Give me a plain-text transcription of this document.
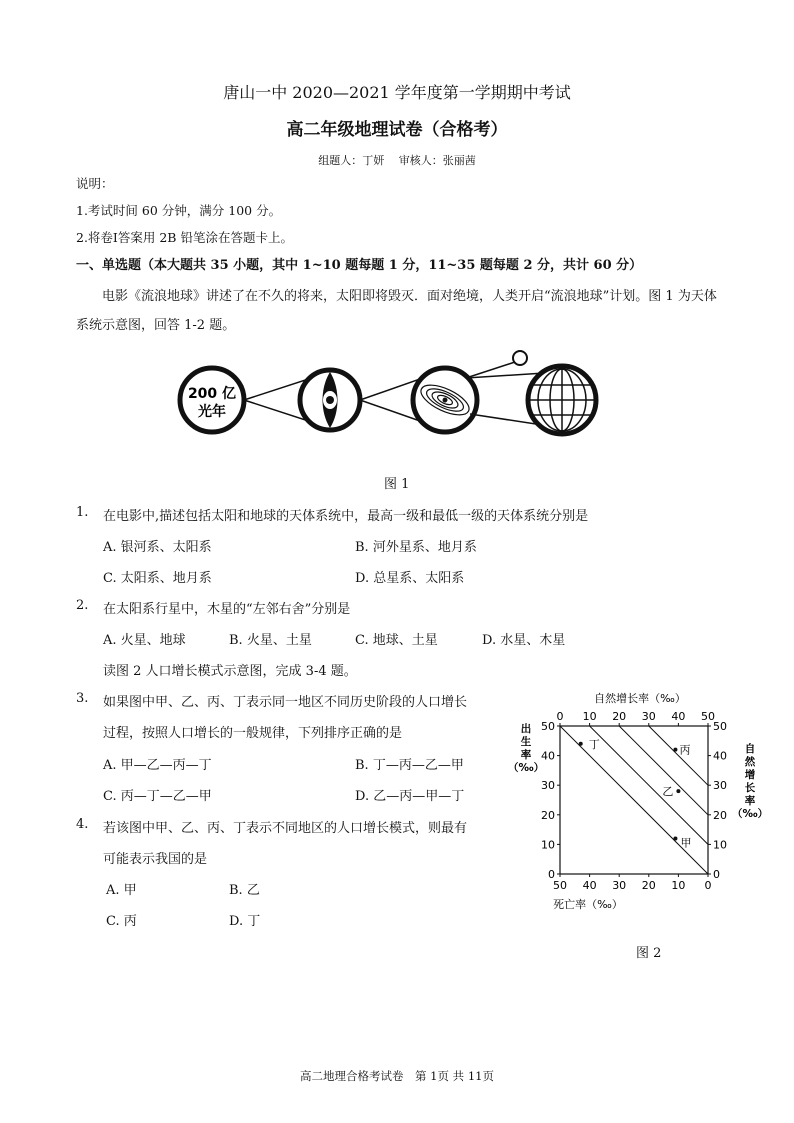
唐山一中 2020—2021 学年度第一学期期中考试
高二年级地理试卷（合格考）
组题人：丁妍　 审核人：张丽茜
说明：
1.考试时间 60 分钟，满分 100 分。
2.将卷Ⅰ答案用 2B 铅笔涂在答题卡上。
一、单选题（本大题共 35 小题，其中 1~10 题每题 1 分，11~35 题每题 2 分，共计 60 分）
电影《流浪地球》讲述了在不久的将来，太阳即将毁灭．面对绝境，人类开启“流浪地球”计划。图 1 为天体系统示意图，回答 1-2 题。
200 亿
光年
图 1
1. 在电影中,描述包括太阳和地球的天体系统中，最高一级和最低一级的天体系统分别是
A. 银河系、太阳系	B. 河外星系、地月系
C. 太阳系、地月系	D. 总星系、太阳系
2. 在太阳系行星中，木星的“左邻右舍”分别是
A. 火星、地球	B. 火星、土星	C. 地球、土星	D. 水星、木星
读图 2 人口增长模式示意图，完成 3-4 题。
3. 如果图中甲、乙、丙、丁表示同一地区不同历史阶段的人口增长
过程，按照人口增长的一般规律，下列排序正确的是
A. 甲—乙—丙—丁	B. 丁—丙—乙—甲
C. 丙—丁—乙—甲	D. 乙—丙—甲—丁
4. 若该图中甲、乙、丙、丁表示不同地区的人口增长模式，则最有
可能表示我国的是
A. 甲	B. 乙
C. 丙	D. 丁
自然增长率（‰）
50 40 30 20 10 0
0 10 20 30 40 50
0
10
20
30
40
50
0
10
20
30
40
50
丁	丙
乙
甲
死亡率（‰）
自然增长率（‰）
出生率（‰）
图 2
高二地理合格考试卷　第 1页 共 11页
